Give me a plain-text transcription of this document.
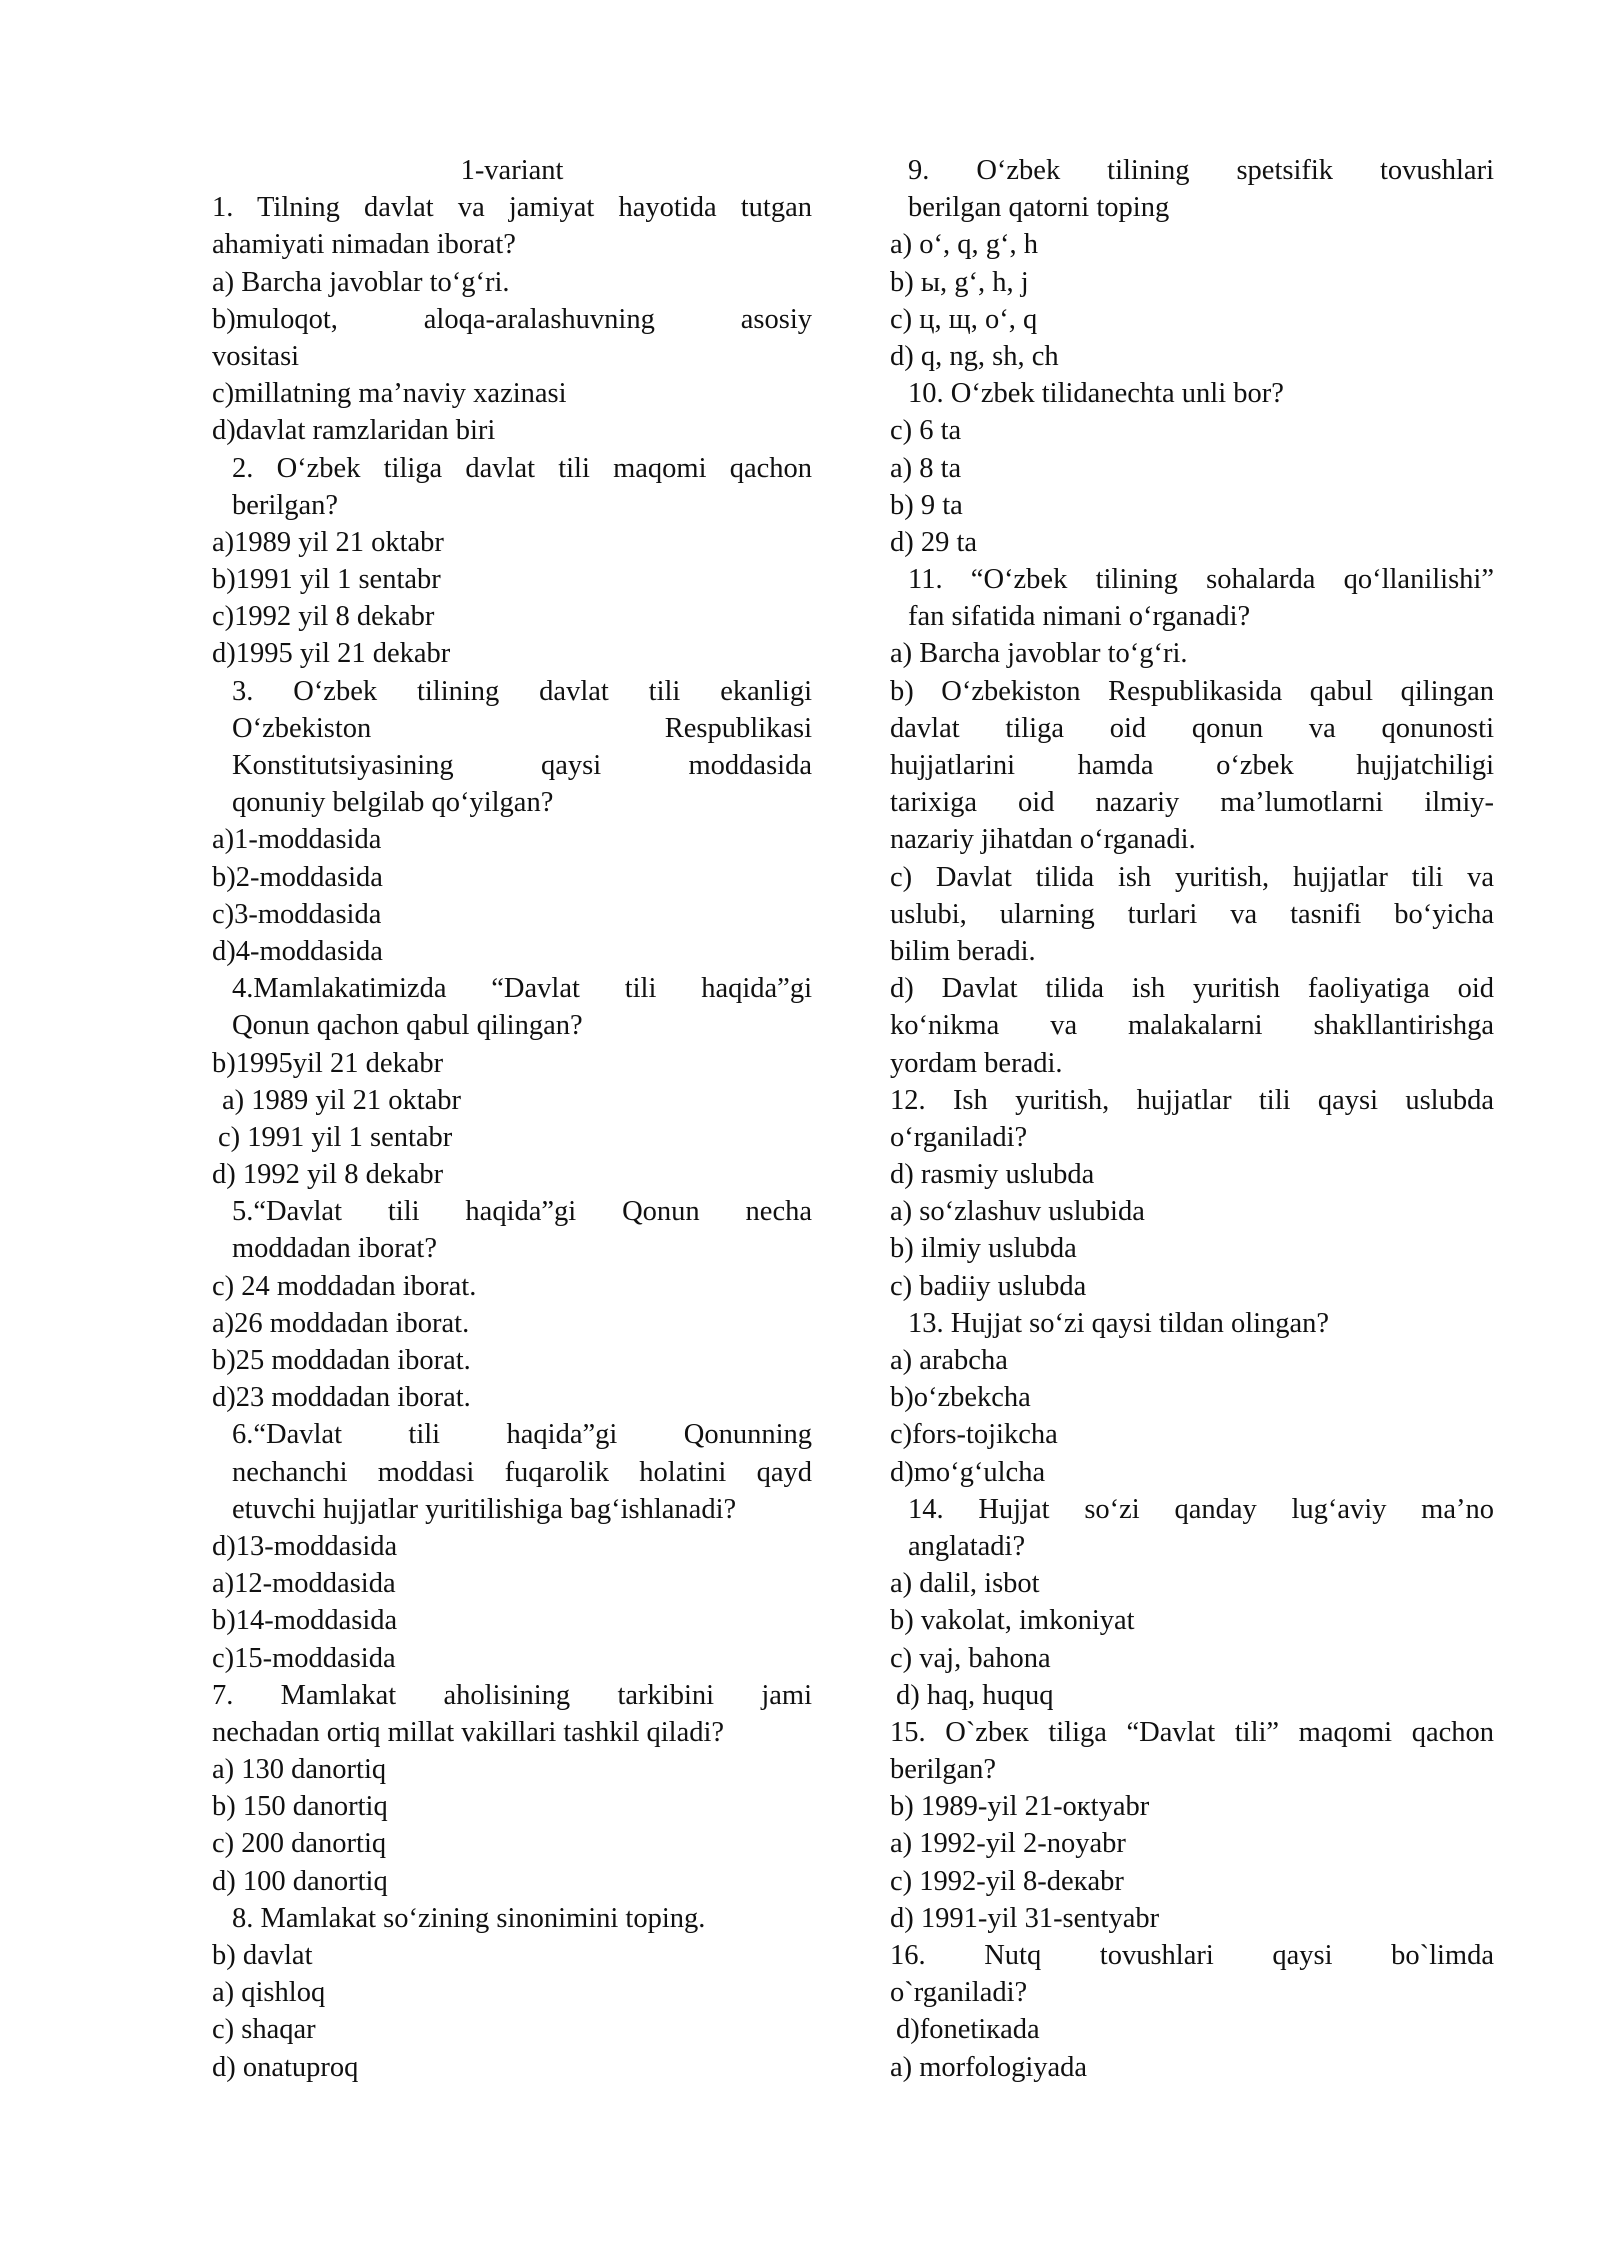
1-variant
1. Tilning davlat va jamiyat hayotida tutgan
ahamiyati nimadan iborat?
a) Barcha javoblar to‘g‘ri.
b)muloqot, aloqa-aralashuvning asosiy
vositasi
c)millatning ma’naviy xazinasi
d)davlat ramzlaridan biri
2. O‘zbek tiliga davlat tili maqomi qachon
berilgan?
a)1989 yil 21 oktabr
b)1991 yil 1 sentabr
c)1992 yil 8 dekabr
d)1995 yil 21 dekabr
3. O‘zbek tilining davlat tili ekanligi
O‘zbekiston Respublikasi
Konstitutsiyasining qaysi moddasida
qonuniy belgilab qo‘yilgan?
a)1-moddasida
b)2-moddasida
c)3-moddasida
d)4-moddasida
4.Mamlakatimizda “Davlat tili haqida”gi
Qonun qachon qabul qilingan?
b)1995yil 21 dekabr
a) 1989 yil 21 oktabr
c) 1991 yil 1 sentabr
d) 1992 yil 8 dekabr
5.“Davlat tili haqida”gi Qonun necha
moddadan iborat?
c) 24 moddadan iborat.
a)26 moddadan iborat.
b)25 moddadan iborat.
d)23 moddadan iborat.
6.“Davlat tili haqida”gi Qonunning
nechanchi moddasi fuqarolik holatini qayd
etuvchi hujjatlar yuritilishiga bag‘ishlanadi?
d)13-moddasida
a)12-moddasida
b)14-moddasida
c)15-moddasida
7. Mamlakat aholisining tarkibini jami
nechadan ortiq millat vakillari tashkil qiladi?
a) 130 danortiq
b) 150 danortiq
c) 200 danortiq
d) 100 danortiq
8. Mamlakat so‘zining sinonimini toping.
b) davlat
a) qishloq
c) shaqar
d) onatuproq
9. O‘zbek tilining spetsifik tovushlari
berilgan qatorni toping
a) o‘, q, g‘, h
b) ы, g‘, h, j
c) ц, щ, o‘, q
d) q, ng, sh, ch
10. O‘zbek tilidanechta unli bor?
c) 6 ta
a) 8 ta
b) 9 ta
d) 29 ta
11. “O‘zbek tilining sohalarda qo‘llanilishi”
fan sifatida nimani o‘rganadi?
a) Barcha javoblar to‘g‘ri.
b) O‘zbekiston Respublikasida qabul qilingan
davlat tiliga oid qonun va qonunosti
hujjatlarini hamda o‘zbek hujjatchiligi
tarixiga oid nazariy ma’lumotlarni ilmiy-
nazariy jihatdan o‘rganadi.
c) Davlat tilida ish yuritish, hujjatlar tili va
uslubi, ularning turlari va tasnifi bo‘yicha
bilim beradi.
d) Davlat tilida ish yuritish faoliyatiga oid
ko‘nikma va malakalarni shakllantirishga
yordam beradi.
12. Ish yuritish, hujjatlar tili qaysi uslubda
o‘rganiladi?
d) rasmiy uslubda
a) so‘zlashuv uslubida
b) ilmiy uslubda
c) badiiy uslubda
13. Hujjat so‘zi qaysi tildan olingan?
a) arabcha
b)o‘zbekcha
c)fors-tojikcha
d)mo‘g‘ulcha
14. Hujjat so‘zi qanday lug‘aviy ma’no
anglatadi?
a) dalil, isbot
b) vakolat, imkoniyat
c) vaj, bahona
d) haq, huquq
15. O`zbeк tiliga “Davlat tili” maqomi qachon
berilgan?
b) 1989-yil 21-окtyabr
a) 1992-yil 2-noyabr
c) 1992-yil 8-deкabr
d) 1991-yil 31-sentyabr
16. Nutq tovushlari qaysi bo`limda
o`rganiladi?
d)fonetiкada
a) morfologiyada
